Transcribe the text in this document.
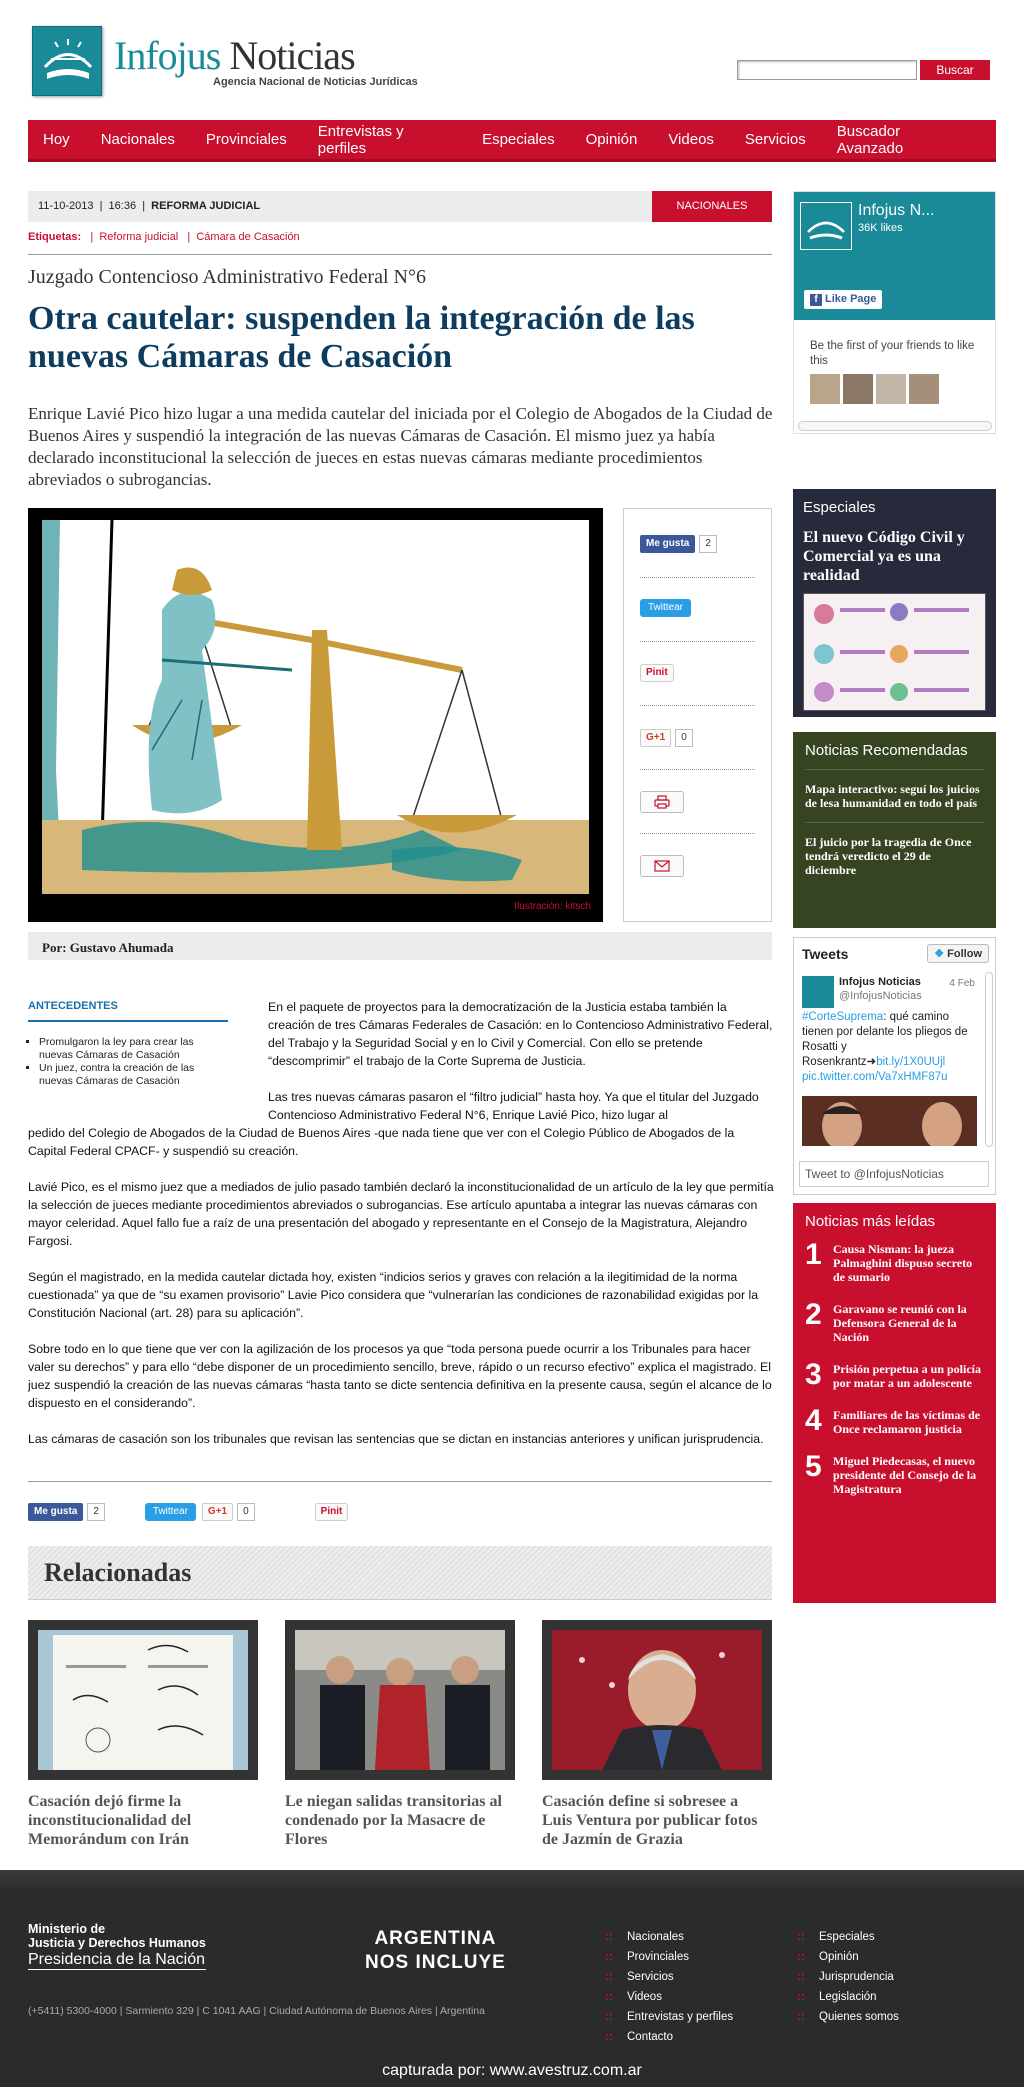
Infojus Noticias
Agencia Nacional de Noticias Jurídicas
Buscar
Hoy Nacionales Provinciales Entrevistas y perfiles	Especiales Opinión Videos Servicios Buscador Avanzado
11-10-2013  |  16:36  |  REFORMA JUDICIAL	NACIONALES
Etiquetas:   |  Reforma judicial   |  Cámara de Casación
Juzgado Contencioso Administrativo Federal N°6
Otra cautelar: suspenden la integración de las nuevas Cámaras de Casación
Enrique Lavié Pico hizo lugar a una medida cautelar del iniciada por el Colegio de Abogados de la Ciudad de Buenos Aires y suspendió la integración de las nuevas Cámaras de Casación. El mismo juez ya había declarado inconstitucional la selección de jueces en estas nuevas cámaras mediante procedimientos abreviados o subrogancias.
Ilustración: kitsch
Me gusta 2
Twittear
Pinit
G+1 0
Por: Gustavo Ahumada

En el paquete de proyectos para la democratización de la Justicia estaba también la creación de tres Cámaras Federales de Casación: en lo Contencioso Administrativo Federal, del Trabajo y la Seguridad Social y en lo Civil y Comercial. Con ello se pretende “descomprimir” el trabajo de la Corte Suprema de Justicia.

Las tres nuevas cámaras pasaron el “filtro judicial” hasta hoy. Ya que el titular del Juzgado Contencioso Administrativo Federal N°6, Enrique Lavié Pico, hizo lugar al

pedido del Colegio de Abogados de la Ciudad de Buenos Aires -que nada tiene que ver con el Colegio Público de Abogados de la Capital Federal CPACF- y suspendió su creación.

Lavié Pico, es el mismo juez que a mediados de julio pasado también declaró la inconstitucionalidad de un artículo de la ley que permitía la selección de jueces mediante procedimientos abreviados o subrogancias. Ese artículo apuntaba a integrar las nuevas cámaras con mayor celeridad. Aquel fallo fue a raíz de una presentación del abogado y representante en el Consejo de la Magistratura, Alejandro Fargosi.

Según el magistrado, en la medida cautelar dictada hoy, existen “indicios serios y graves con relación a la ilegitimidad de la norma cuestionada” ya que de “su examen provisorio” Lavie Pico considera que “vulnerarían las condiciones de razonabilidad exigidas por la Constitución Nacional (art. 28) para su aplicación”.

Sobre todo en lo que tiene que ver con la agilización de los procesos ya que “toda persona puede ocurrir a los Tribunales para hacer valer su derechos” y para ello “debe disponer de un procedimiento sencillo, breve, rápido o un recurso efectivo” explica el magistrado. El juez suspendió la creación de las nuevas cámaras “hasta tanto se dicte sentencia definitiva en la presente causa, según el alcance de lo dispuesto en el considerando”.

Las cámaras de casación son los tribunales que revisan las sentencias que se dictan en instancias anteriores y unifican jurisprudencia.

ANTECEDENTES
▪ Promulgaron la ley para crear las nuevas Cámaras de Casación
▪ Un juez, contra la creación de las nuevas Cámaras de Casación
Me gusta	2	Twittear	G+1	0	Pinit
Relacionadas
Casación dejó firme la inconstitucionalidad del Memorándum con Irán
Le niegan salidas transitorias al condenado por la Masacre de Flores
Casación define si sobresee a Luis Ventura por publicar fotos de Jazmín de Grazia
Infojus N...
36K likes
f Like Page
Be the first of your friends to like this
Especiales
El nuevo Código Civil y Comercial ya es una realidad
Noticias Recomendadas
Mapa interactivo: seguí los juicios de lesa humanidad en todo el país
El juicio por la tragedia de Once tendrá veredicto el 29 de diciembre
Tweets	❖ Follow
Infojus Noticias
@InfojusNoticias
4 Feb
#CorteSuprema: qué camino tienen por delante los pliegos de Rosatti y Rosenkrantz➜bit.ly/1X0UUjl pic.twitter.com/Va7xHMF87u
Tweet to @InfojusNoticias
Noticias más leídas
1 Causa Nisman: la jueza Palmaghini dispuso secreto de sumario
2 Garavano se reunió con la Defensora General de la Nación
3 Prisión perpetua a un policía por matar a un adolescente
4 Familiares de las víctimas de Once reclamaron justicia
5 Miguel Piedecasas, el nuevo presidente del Consejo de la Magistratura
Ministerio de
Justicia y Derechos Humanos
Presidencia de la Nación
ARGENTINA
NOS INCLUYE
(+5411) 5300-4000 | Sarmiento 329 | C 1041 AAG | Ciudad Autónoma de Buenos Aires | Argentina
:: Nacionales
:: Provinciales
:: Servicios
:: Videos
:: Entrevistas y perfiles
:: Contacto
:: Especiales
:: Opinión
:: Jurisprudencia
:: Legislación
:: Quienes somos
capturada por: www.avestruz.com.ar
